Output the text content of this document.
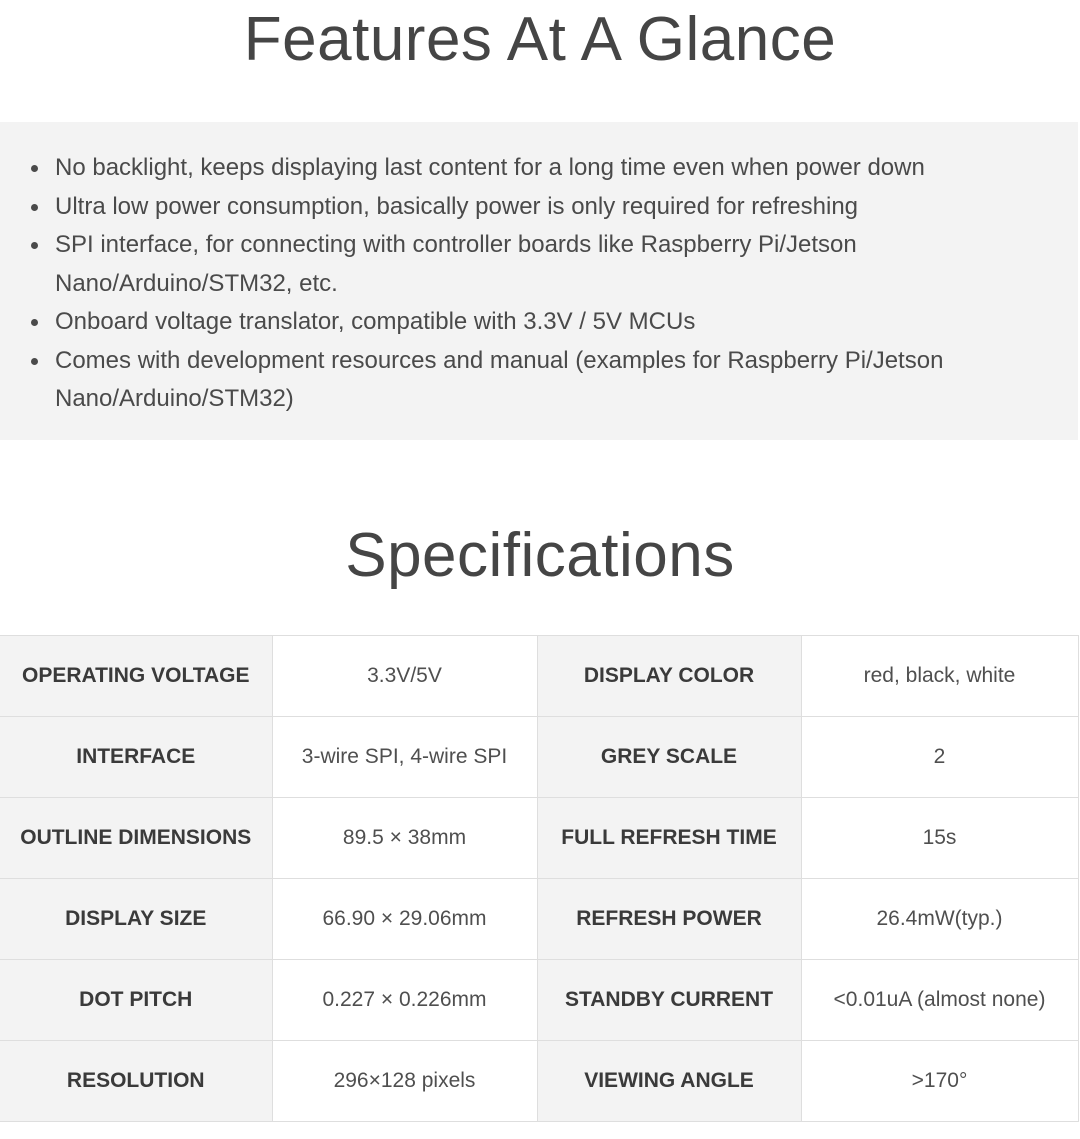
Features At A Glance
No backlight, keeps displaying last content for a long time even when power down
Ultra low power consumption, basically power is only required for refreshing
SPI interface, for connecting with controller boards like Raspberry Pi/Jetson Nano/Arduino/STM32, etc.
Onboard voltage translator, compatible with 3.3V / 5V MCUs
Comes with development resources and manual (examples for Raspberry Pi/Jetson Nano/Arduino/STM32)
Specifications
OPERATING VOLTAGE	3.3V/5V	DISPLAY COLOR	red, black, white
INTERFACE	3-wire SPI, 4-wire SPI	GREY SCALE	2
OUTLINE DIMENSIONS	89.5 × 38mm	FULL REFRESH TIME	15s
DISPLAY SIZE	66.90 × 29.06mm	REFRESH POWER	26.4mW(typ.)
DOT PITCH	0.227 × 0.226mm	STANDBY CURRENT	<0.01uA (almost none)
RESOLUTION	296×128 pixels	VIEWING ANGLE	>170°
